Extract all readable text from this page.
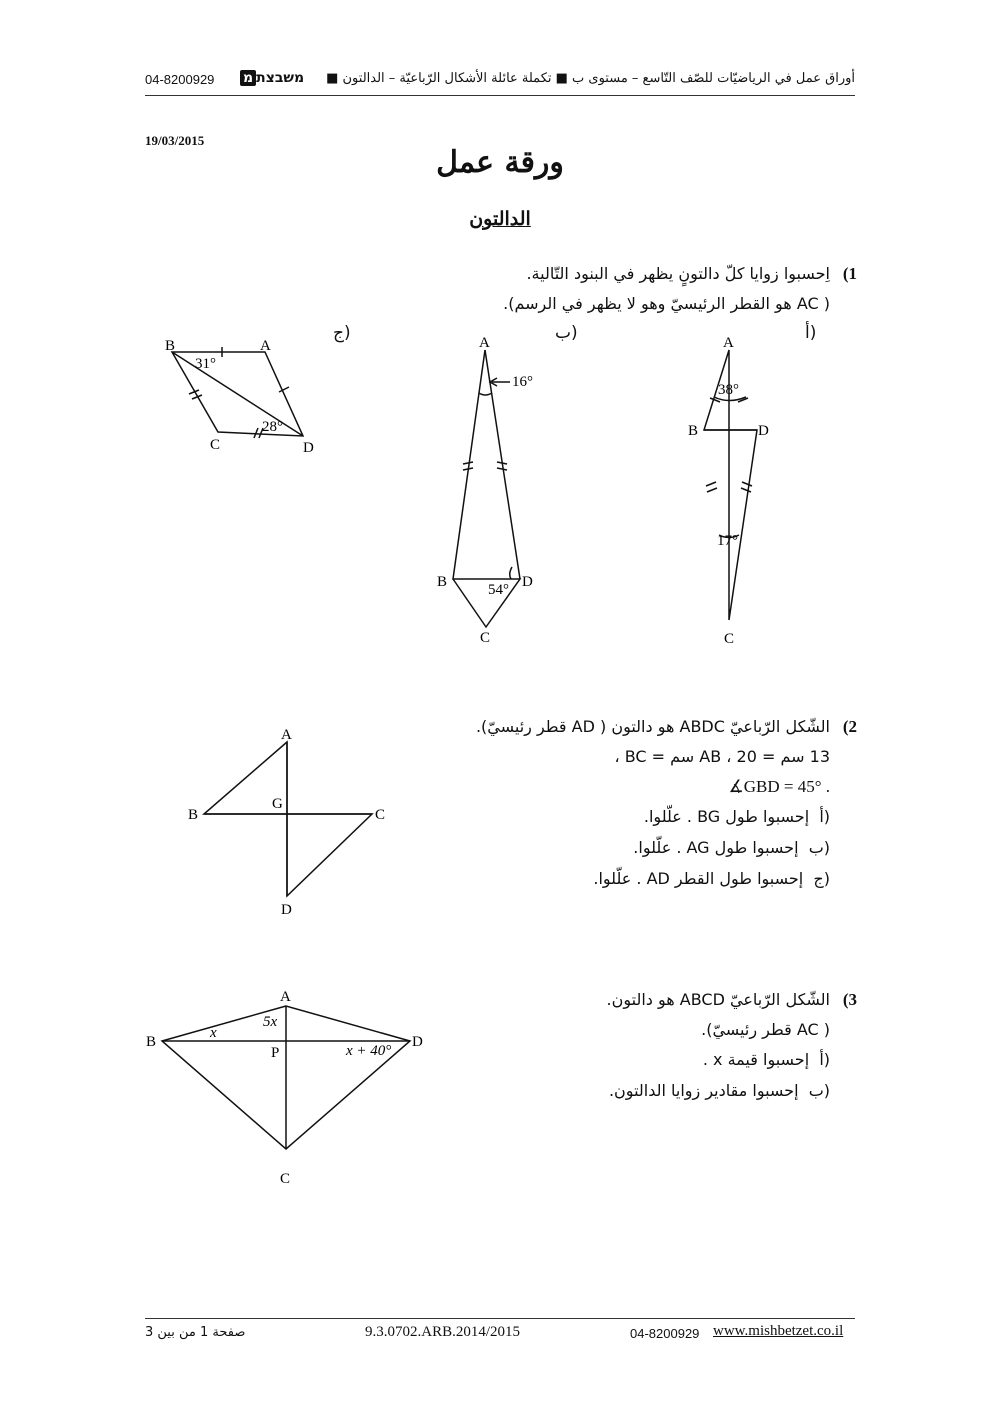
04-8200929	מ משבצת أوراق عمل في الرياضيّات للصّف التّاسع – مستوى ب ■ تكملة عائلة الأشكال الرّباعيّة – الدالتون ■
19/03/2015
ورقة عمل
الدالتون
(1
اِحسبوا زوايا كلّ دالتونٍ يظهر في البنود التّالية.
( AC هو القطر الرئيسيّ وهو لا يظهر في الرسم).
(أ
(ب
(ج	A
B	D
C
38°
17°
A
B	D
C
16°
54°
B	A
C	D
31°
28°
(2
الشّكل الرّباعيّ ABDC هو دالتون ( AD قطر رئيسيّ).
13 سم = AB ، 20 سم = BC ،
∡GBD = 45° .
(أ  إحسبوا طول BG . علّلوا.
(ب  إحسبوا طول AG . علّلوا.
(ج  إحسبوا طول القطر AD . علّلوا.
A
B	C
D
G
(3
الشّكل الرّباعيّ ABCD هو دالتون.
( AC قطر رئيسيّ).
(أ  إحسبوا قيمة x .
(ب  إحسبوا مقادير زوايا الدالتون.
A
B	D
C
P
x
5x
x + 40°
صفحة 1 من بين 3	9.3.0702.ARB.2014/2015	04-8200929 www.mishbetzet.co.il
